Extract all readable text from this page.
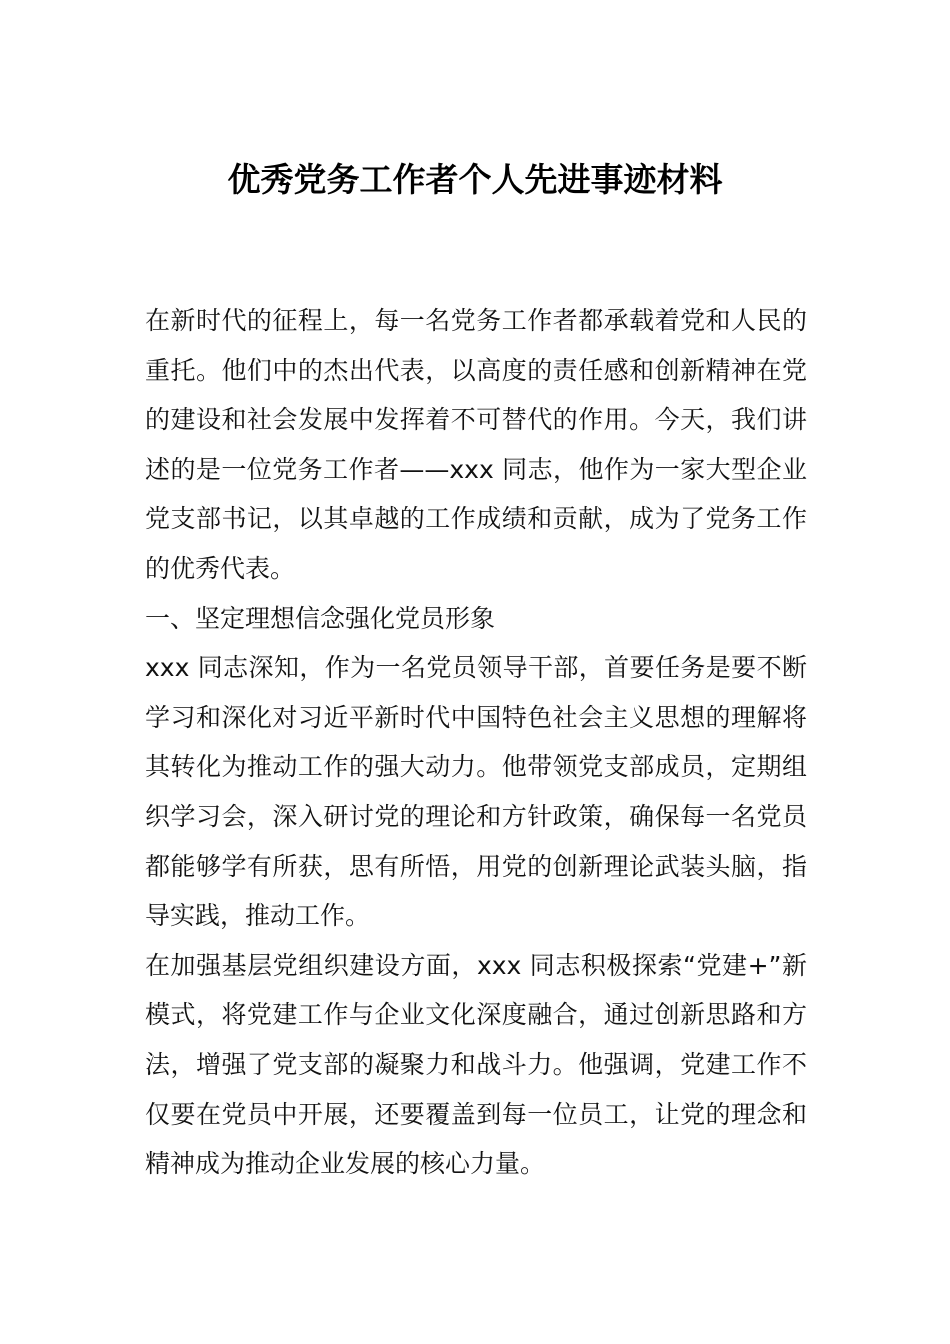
优秀党务工作者个人先进事迹材料

在新时代的征程上，每一名党务工作者都承载着党和人民的重托。他们中的杰出代表，以高度的责任感和创新精神在党的建设和社会发展中发挥着不可替代的作用。今天，我们讲述的是一位党务工作者——xxx 同志，他作为一家大型企业党支部书记，以其卓越的工作成绩和贡献，成为了党务工作的优秀代表。

一、坚定理想信念强化党员形象

xxx 同志深知，作为一名党员领导干部，首要任务是要不断学习和深化对习近平新时代中国特色社会主义思想的理解将其转化为推动工作的强大动力。他带领党支部成员，定期组织学习会，深入研讨党的理论和方针政策，确保每一名党员都能够学有所获，思有所悟，用党的创新理论武装头脑，指导实践，推动工作。

在加强基层党组织建设方面，xxx 同志积极探索“党建+”新模式，将党建工作与企业文化深度融合，通过创新思路和方法，增强了党支部的凝聚力和战斗力。他强调，党建工作不仅要在党员中开展，还要覆盖到每一位员工，让党的理念和精神成为推动企业发展的核心力量。
